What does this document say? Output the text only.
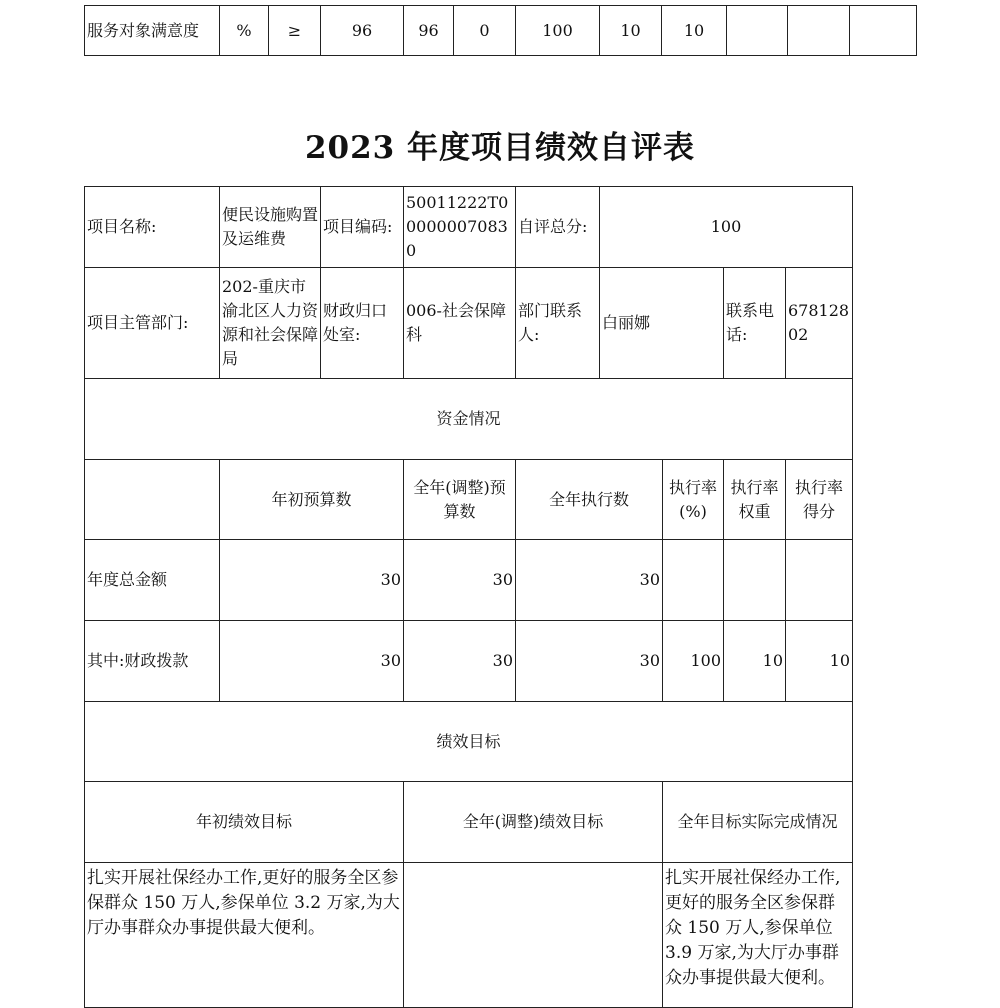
服务对象满意度	%	≥	96	96	0	100	10	10			
2023 年度项目绩效自评表
项目名称:	便民设施购置及运维费	项目编码:	50011222T000000070830	自评总分:	100			
项目主管部门:	202-重庆市渝北区人力资源和社会保障局	财政归口处室:	006-社会保障科	部门联系人:	白丽娜		联系电话:	67812802
资金情况								
	年初预算数		全年(调整)预算数	全年执行数		执行率(%)	执行率权重	执行率得分
年度总金额	30		30	30				
其中:财政拨款	30		30	30		100	10	10
绩效目标								
年初绩效目标			全年(调整)绩效目标			全年目标实际完成情况		
扎实开展社保经办工作,更好的服务全区参保群众 150 万人,参保单位 3.2 万家,为大厅办事群众办事提供最大便利。						扎实开展社保经办工作,更好的服务全区参保群众 150 万人,参保单位 3.9 万家,为大厅办事群众办事提供最大便利。		
